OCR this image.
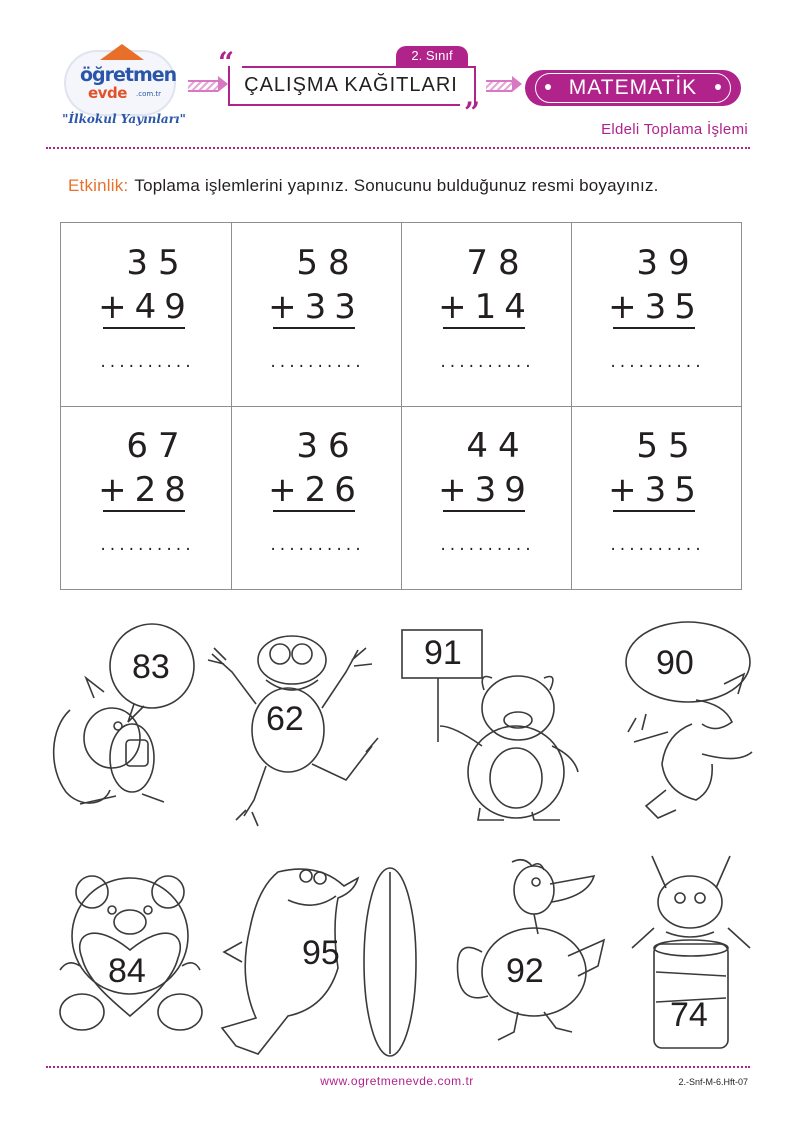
öğretmen
evde .com.tr
"İlkokul Yayınları"
2. Sınıf
“
”
ÇALIŞMA KAĞITLARI	MATEMATİK
Eldeli Toplama İşlemi
Etkinlik: Toplama işlemlerini yapınız. Sonucunu bulduğunuz resmi boyayınız.
35
+49
..........
58
+33
..........
78
+14
..........
39
+35
..........
67
+28
..........
36
+26
..........
44
+39
..........
55
+35
..........
83
62
91	90
84	95	92
74
www.ogretmenevde.com.tr	2.-Snf-M-6.Hft-07
